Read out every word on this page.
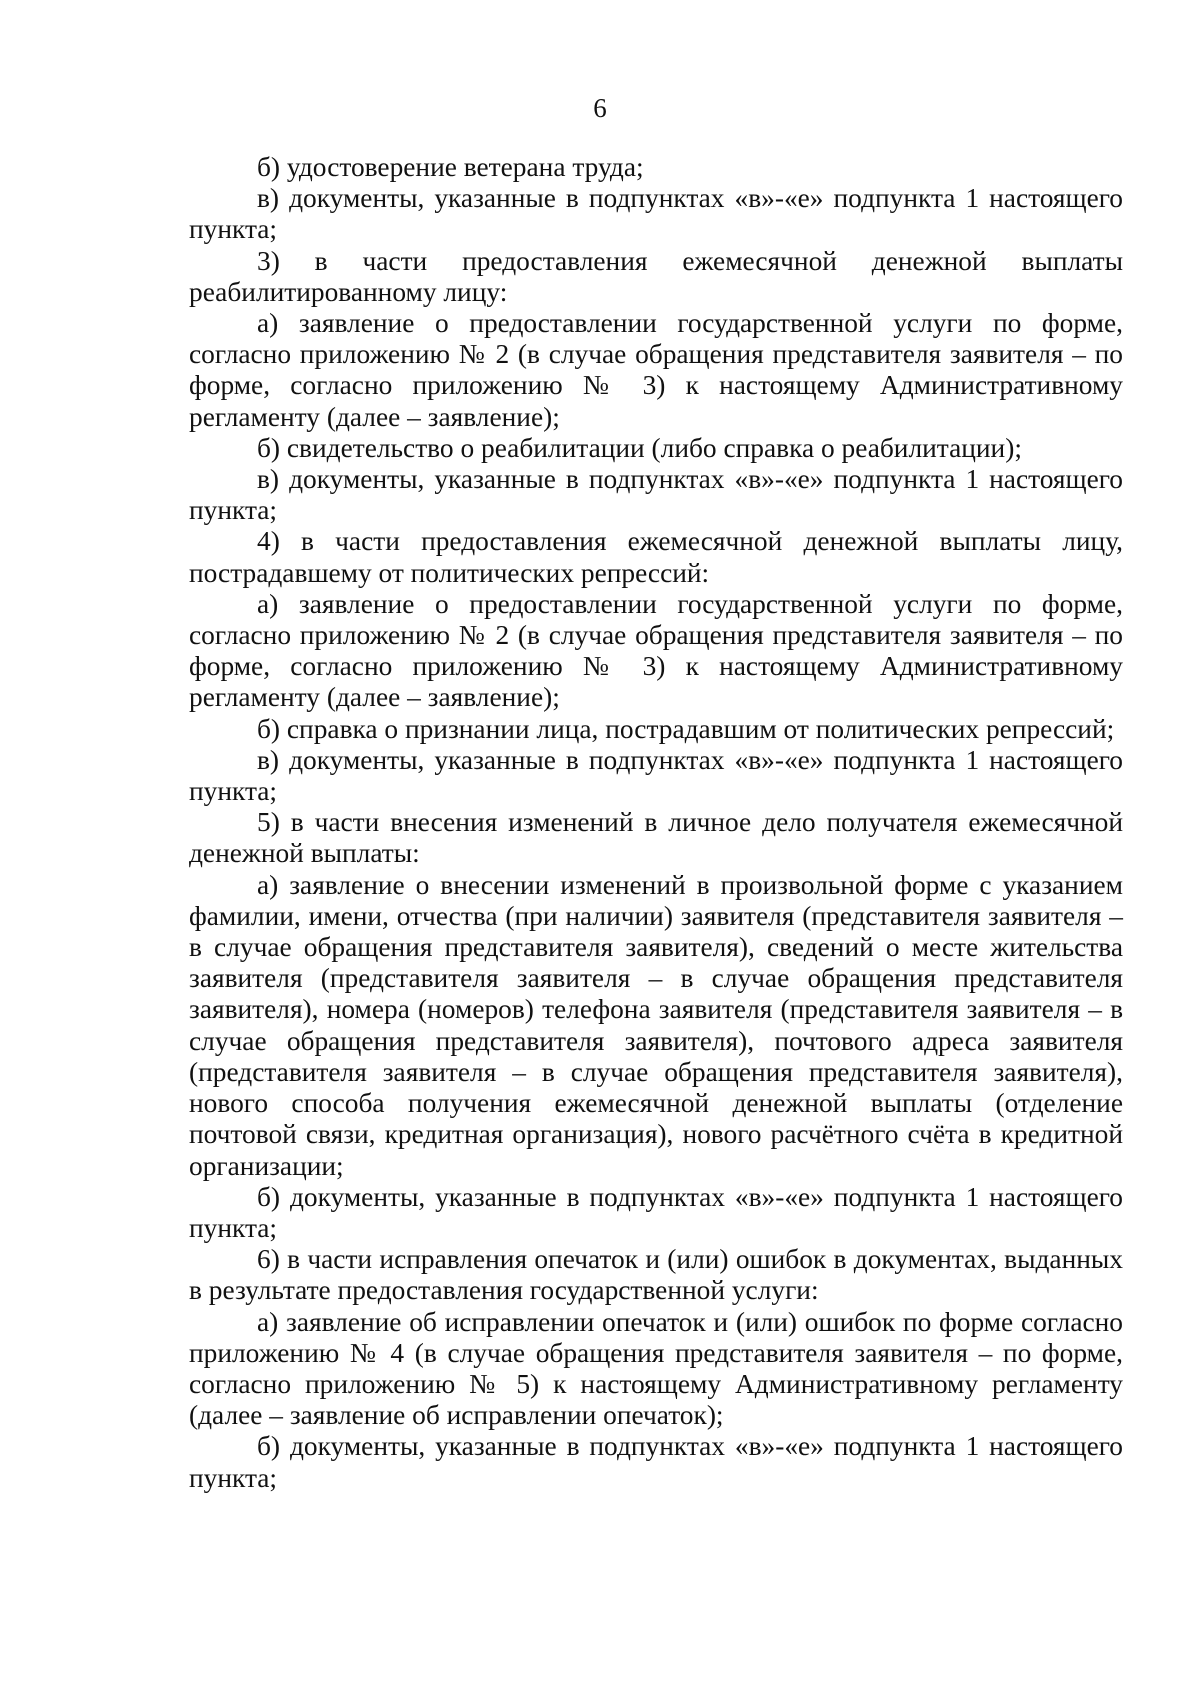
6

б) удостоверение ветерана труда;

в) документы, указанные в подпунктах «в»-«е» подпункта 1 настоящего пункта;

3) в части предоставления ежемесячной денежной выплаты реабилитированному лицу:

а) заявление о предоставлении государственной услуги по форме, согласно приложению № 2 (в случае обращения представителя заявителя – по форме, согласно приложению № 3) к настоящему Административному регламенту (далее – заявление);

б) свидетельство о реабилитации (либо справка о реабилитации);

в) документы, указанные в подпунктах «в»-«е» подпункта 1 настоящего пункта;

4) в части предоставления ежемесячной денежной выплаты лицу, пострадавшему от политических репрессий:

а) заявление о предоставлении государственной услуги по форме, согласно приложению № 2 (в случае обращения представителя заявителя – по форме, согласно приложению № 3) к настоящему Административному регламенту (далее – заявление);

б) справка о признании лица, пострадавшим от политических репрессий;

в) документы, указанные в подпунктах «в»-«е» подпункта 1 настоящего пункта;

5) в части внесения изменений в личное дело получателя ежемесячной денежной выплаты:

а) заявление о внесении изменений в произвольной форме с указанием фамилии, имени, отчества (при наличии) заявителя (представителя заявителя – в случае обращения представителя заявителя), сведений о месте жительства заявителя (представителя заявителя – в случае обращения представителя заявителя), номера (номеров) телефона заявителя (представителя заявителя – в случае обращения представителя заявителя), почтового адреса заявителя (представителя заявителя – в случае обращения представителя заявителя), нового способа получения ежемесячной денежной выплаты (отделение почтовой связи, кредитная организация), нового расчётного счёта в кредитной организации;

б) документы, указанные в подпунктах «в»-«е» подпункта 1 настоящего пункта;

6) в части исправления опечаток и (или) ошибок в документах, выданных в результате предоставления государственной услуги:

а) заявление об исправлении опечаток и (или) ошибок по форме согласно приложению № 4 (в случае обращения представителя заявителя – по форме, согласно приложению № 5) к настоящему Административному регламенту (далее – заявление об исправлении опечаток);

б) документы, указанные в подпунктах «в»-«е» подпункта 1 настоящего пункта;
